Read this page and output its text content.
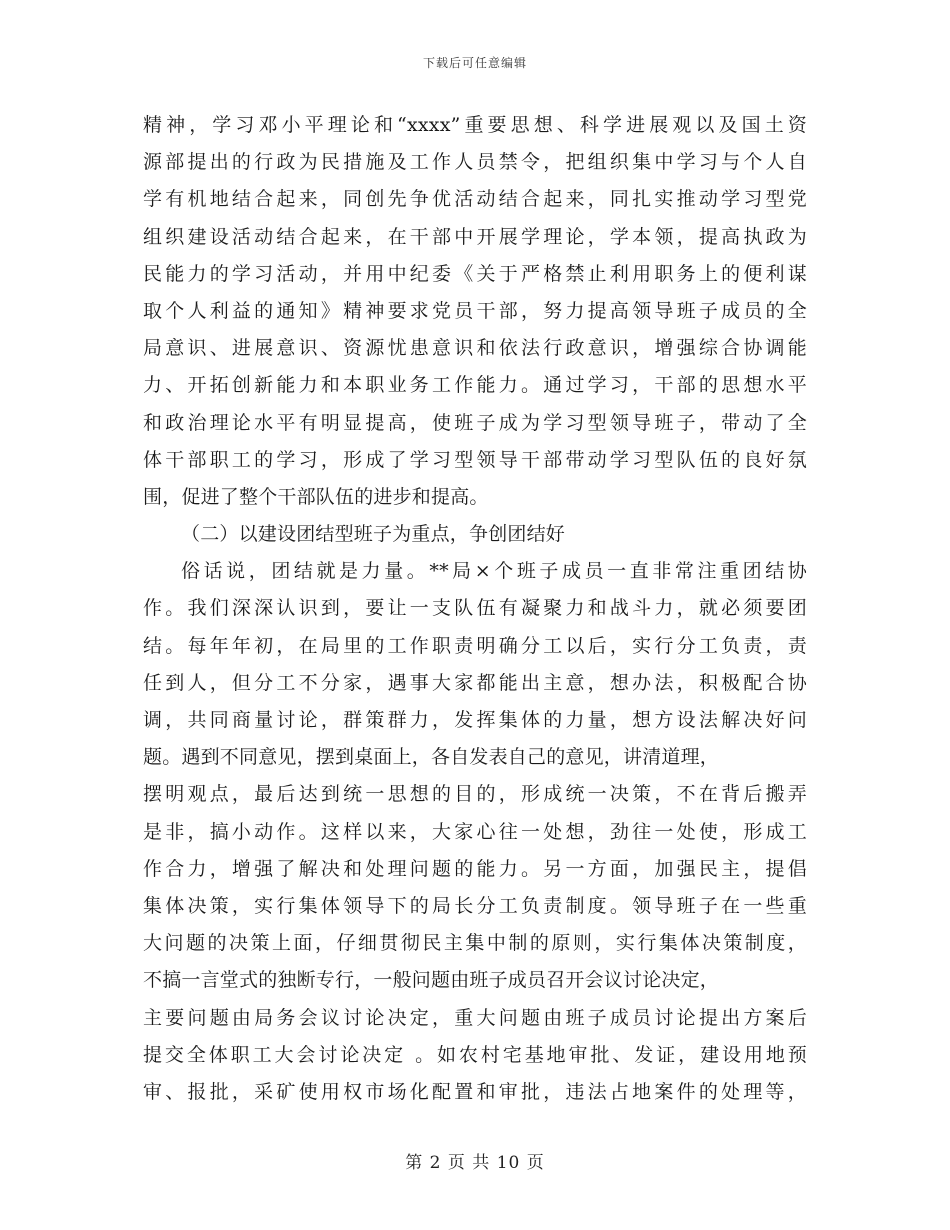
下载后可任意编辑
精神，学习邓小平理论和“xxxx”重要思想、科学进展观以及国土资
源部提出的行政为民措施及工作人员禁令，把组织集中学习与个人自
学有机地结合起来，同创先争优活动结合起来，同扎实推动学习型党
组织建设活动结合起来，在干部中开展学理论，学本领，提高执政为
民能力的学习活动，并用中纪委《关于严格禁止利用职务上的便利谋
取个人利益的通知》精神要求党员干部，努力提高领导班子成员的全
局意识、进展意识、资源忧患意识和依法行政意识，增强综合协调能
力、开拓创新能力和本职业务工作能力。通过学习，干部的思想水平
和政治理论水平有明显提高，使班子成为学习型领导班子，带动了全
体干部职工的学习，形成了学习型领导干部带动学习型队伍的良好氛
围，促进了整个干部队伍的进步和提高。
（二）以建设团结型班子为重点，争创团结好
俗话说，团结就是力量。**局×个班子成员一直非常注重团结协
作。我们深深认识到，要让一支队伍有凝聚力和战斗力，就必须要团
结。每年年初，在局里的工作职责明确分工以后，实行分工负责，责
任到人，但分工不分家，遇事大家都能出主意，想办法，积极配合协
调，共同商量讨论，群策群力，发挥集体的力量，想方设法解决好问
题。遇到不同意见，摆到桌面上，各自发表自己的意见，讲清道理，
摆明观点，最后达到统一思想的目的，形成统一决策，不在背后搬弄
是非，搞小动作。这样以来，大家心往一处想，劲往一处使，形成工
作合力，增强了解决和处理问题的能力。另一方面，加强民主，提倡
集体决策，实行集体领导下的局长分工负责制度。领导班子在一些重
大问题的决策上面，仔细贯彻民主集中制的原则，实行集体决策制度，
不搞一言堂式的独断专行，一般问题由班子成员召开会议讨论决定，
主要问题由局务会议讨论决定，重大问题由班子成员讨论提出方案后
提交全体职工大会讨论决定 。如农村宅基地审批、发证，建设用地预
审、报批，采矿使用权市场化配置和审批，违法占地案件的处理等，
第 2 页 共 10 页
